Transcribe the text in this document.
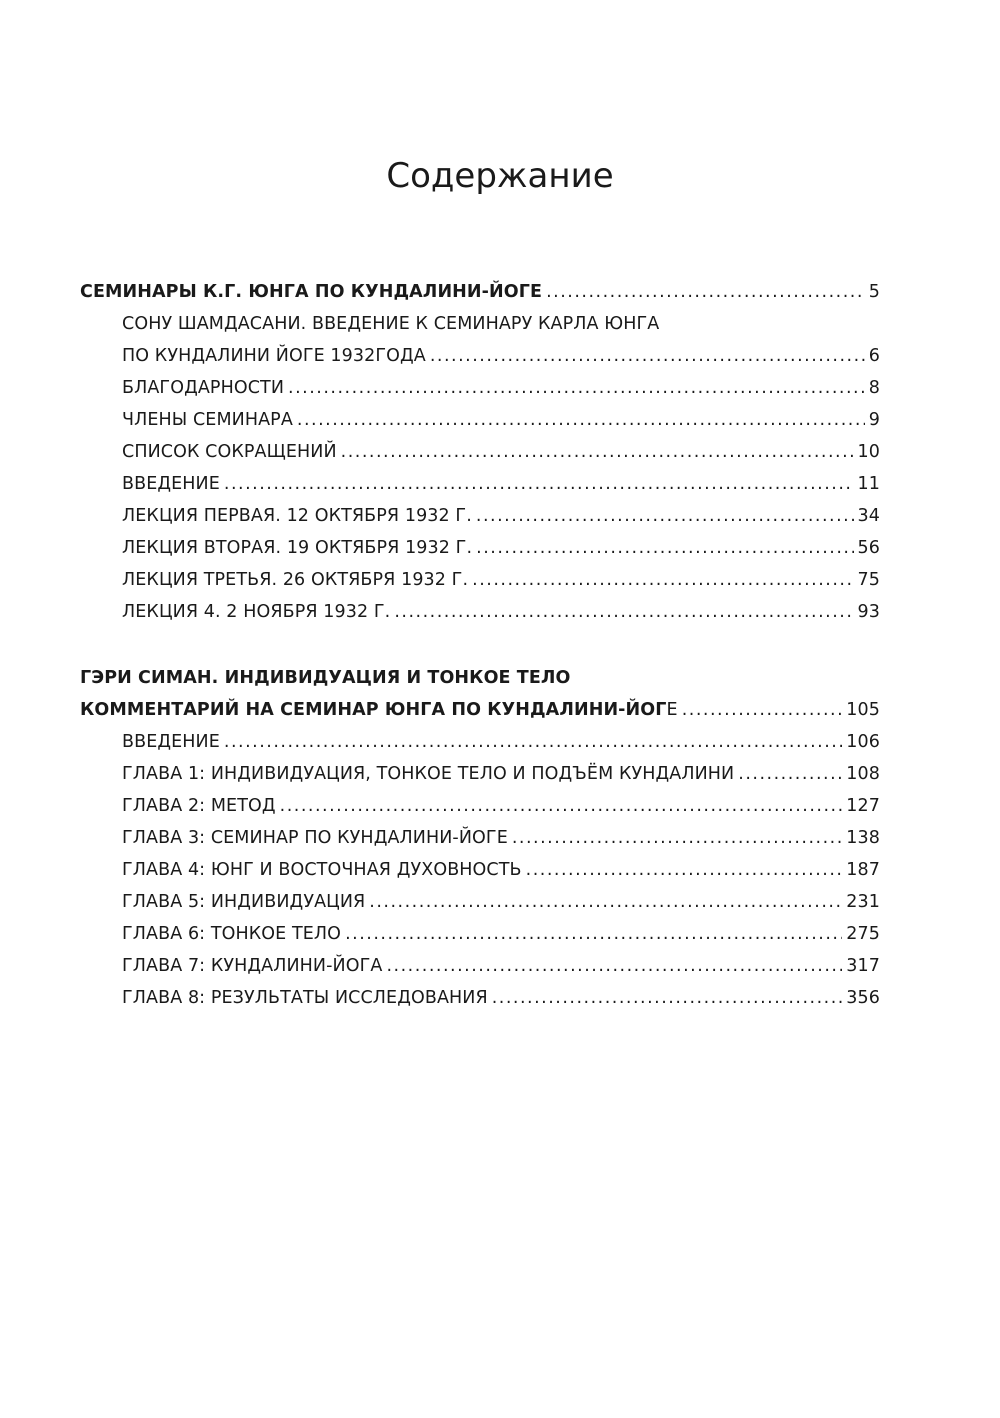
Содержание
СЕМИНАРЫ К.Г. ЮНГА ПО КУНДАЛИНИ-ЙОГЕ .....	5
СОНУ ШАМДАСАНИ. ВВЕДЕНИЕ К СЕМИНАРУ КАРЛА ЮНГА
ПО КУНДАЛИНИ ЙОГЕ 1932ГОДА .....	6
БЛАГОДАРНОСТИ .....	8
ЧЛЕНЫ СЕМИНАРА .....	9
СПИСОК СОКРАЩЕНИЙ .....	10
ВВЕДЕНИЕ .....	11
ЛЕКЦИЯ ПЕРВАЯ. 12 ОКТЯБРЯ 1932 Г. .....	34
ЛЕКЦИЯ ВТОРАЯ. 19 ОКТЯБРЯ 1932 Г. .....	56
ЛЕКЦИЯ ТРЕТЬЯ. 26 ОКТЯБРЯ 1932 Г. .....	75
ЛЕКЦИЯ 4. 2 НОЯБРЯ 1932 Г. .....	93
ГЭРИ СИМАН. ИНДИВИДУАЦИЯ И ТОНКОЕ ТЕЛО
КОММЕНТАРИЙ НА СЕМИНАР ЮНГА ПО КУНДАЛИНИ-ЙОГЕ .....	105
ВВЕДЕНИЕ .....	106
ГЛАВА 1: ИНДИВИДУАЦИЯ, ТОНКОЕ ТЕЛО И ПОДЪЁМ КУНДАЛИНИ .....	108
ГЛАВА 2: МЕТОД .....	127
ГЛАВА 3: СЕМИНАР ПО КУНДАЛИНИ-ЙОГЕ .....	138
ГЛАВА 4: ЮНГ И ВОСТОЧНАЯ ДУХОВНОСТЬ .....	187
ГЛАВА 5: ИНДИВИДУАЦИЯ .....	231
ГЛАВА 6: ТОНКОЕ ТЕЛО .....	275
ГЛАВА 7: КУНДАЛИНИ-ЙОГА .....	317
ГЛАВА 8: РЕЗУЛЬТАТЫ ИССЛЕДОВАНИЯ .....	356
